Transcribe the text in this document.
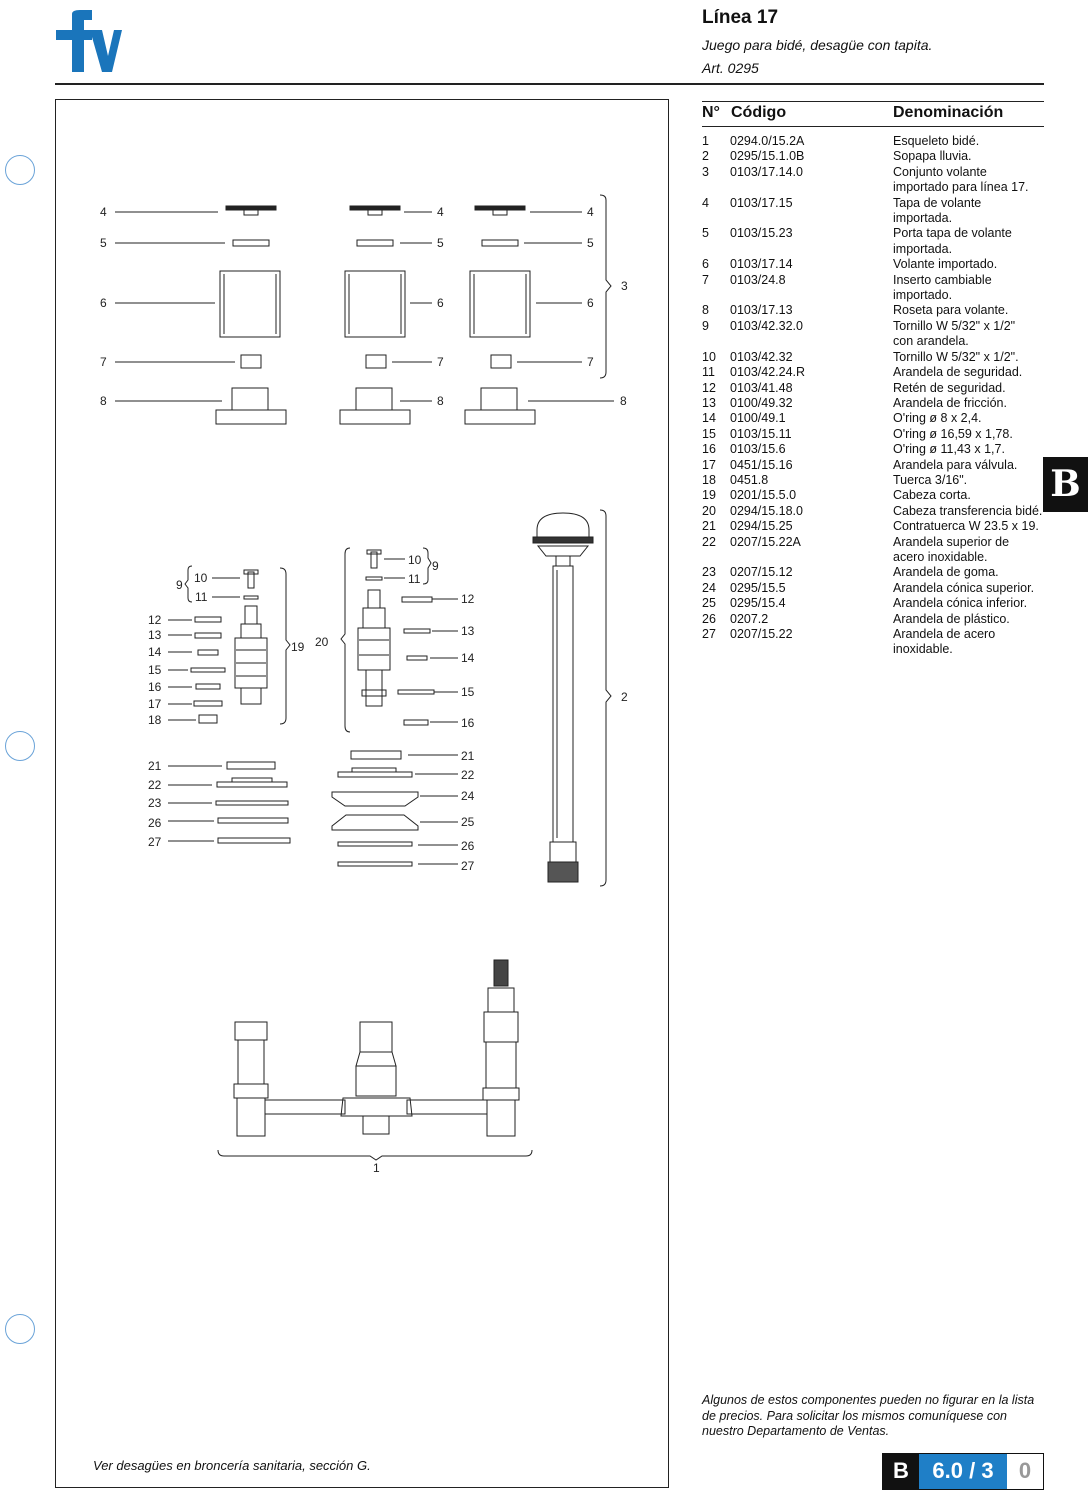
Línea 17
Juego para bidé, desagüe con tapita.
Art. 0295
4
5
6
7
8
4
5
6
7
8
4
5
6
7
8
3
9 10
11
12
13
14
15
16
17
18
19 20
10
11
9
12
13
14
15
16
21
22
23
26
27
21
22
24
25
26
27
2
1
Ver desagües en broncería sanitaria, sección G.
N° Código	Denominación
1 0294.0/15.2A	Esqueleto bidé.
2 0295/15.1.0B	Sopapa lluvia.
3 0103/17.14.0	Conjunto volante
importado para línea 17.
4 0103/17.15	Tapa de volante
importada.
5 0103/15.23	Porta tapa de volante
importada.
6 0103/17.14	Volante importado.
7 0103/24.8	Inserto cambiable
importado.
8 0103/17.13	Roseta para volante.
9 0103/42.32.0	Tornillo W 5/32" x 1/2"
con arandela.
10 0103/42.32	Tornillo W 5/32" x 1/2".
11 0103/42.24.R	Arandela de seguridad.
12 0103/41.48	Retén de seguridad.
13 0100/49.32	Arandela de fricción.
14 0100/49.1	O'ring ø 8 x 2,4.
15 0103/15.11	O'ring ø 16,59 x 1,78.
16 0103/15.6	O'ring ø 11,43 x 1,7.
17 0451/15.16	Arandela para válvula.
18 0451.8	Tuerca 3/16".
19 0201/15.5.0	Cabeza corta.
20 0294/15.18.0	Cabeza transferencia bidé.
21 0294/15.25	Contratuerca W 23.5 x 19.
22 0207/15.22A	Arandela superior de
acero inoxidable.
23 0207/15.12	Arandela de goma.
24 0295/15.5	Arandela cónica superior.
25 0295/15.4	Arandela cónica inferior.
26 0207.2	Arandela de plástico.
27 0207/15.22	Arandela de acero
inoxidable.
B
Algunos de estos componentes pueden no figurar en la lista de precios. Para solicitar los mismos comuníquese con nuestro Departamento de Ventas.
B	6.0 / 3	0
